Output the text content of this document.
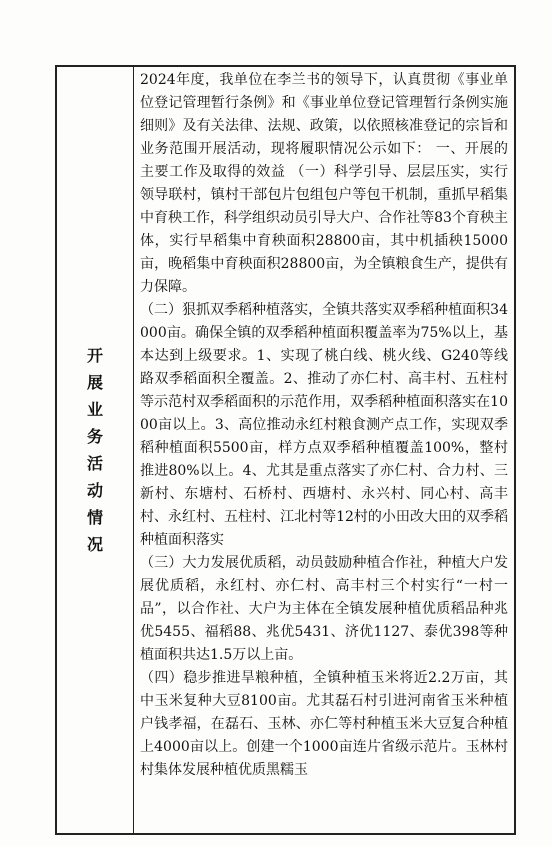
开展业务活动情况	

2024年度，我单位在李兰书的领导下，认真贯彻《事业单位登记管理暂行条例》和《事业单位登记管理暂行条例实施细则》及有关法律、法规、政策，以依照核准登记的宗旨和业务范围开展活动，现将履职情况公示如下： 一、开展的主要工作及取得的效益 （一）科学引导、层层压实，实行领导联村，镇村干部包片包组包户等包干机制，重抓早稻集中育秧工作，科学组织动员引导大户、合作社等83个育秧主体，实行早稻集中育秧面积28800亩，其中机插秧15000亩，晚稻集中育秧面积28800亩，为全镇粮食生产，提供有力保障。

（二）狠抓双季稻种植落实，全镇共落实双季稻种植面积34000亩。确保全镇的双季稻种植面积覆盖率为75%以上，基本达到上级要求。1、实现了桃白线、桃火线、G240等线路双季稻面积全覆盖。2、推动了亦仁村、高丰村、五柱村等示范村双季稻面积的示范作用，双季稻种植面积落实在1000亩以上。3、高位推动永红村粮食测产点工作，实现双季稻种植面积5500亩，样方点双季稻种植覆盖100%，整村推进80%以上。4、尤其是重点落实了亦仁村、合力村、三新村、东塘村、石桥村、西塘村、永兴村、同心村、高丰村、永红村、五柱村、江北村等12村的小田改大田的双季稻种植面积落实

（三）大力发展优质稻，动员鼓励种植合作社，种植大户发展优质稻，永红村、亦仁村、高丰村三个村实行“一村一品”，以合作社、大户为主体在全镇发展种植优质稻品种兆优5455、福稻88、兆优5431、济优1127、泰优398等种植面积共达1.5万以上亩。

（四）稳步推进旱粮种植，全镇种植玉米将近2.2万亩，其中玉米复种大豆8100亩。尤其磊石村引进河南省玉米种植户钱孝福，在磊石、玉林、亦仁等村种植玉米大豆复合种植上4000亩以上。创建一个1000亩连片省级示范片。玉林村村集体发展种植优质黑糯玉
